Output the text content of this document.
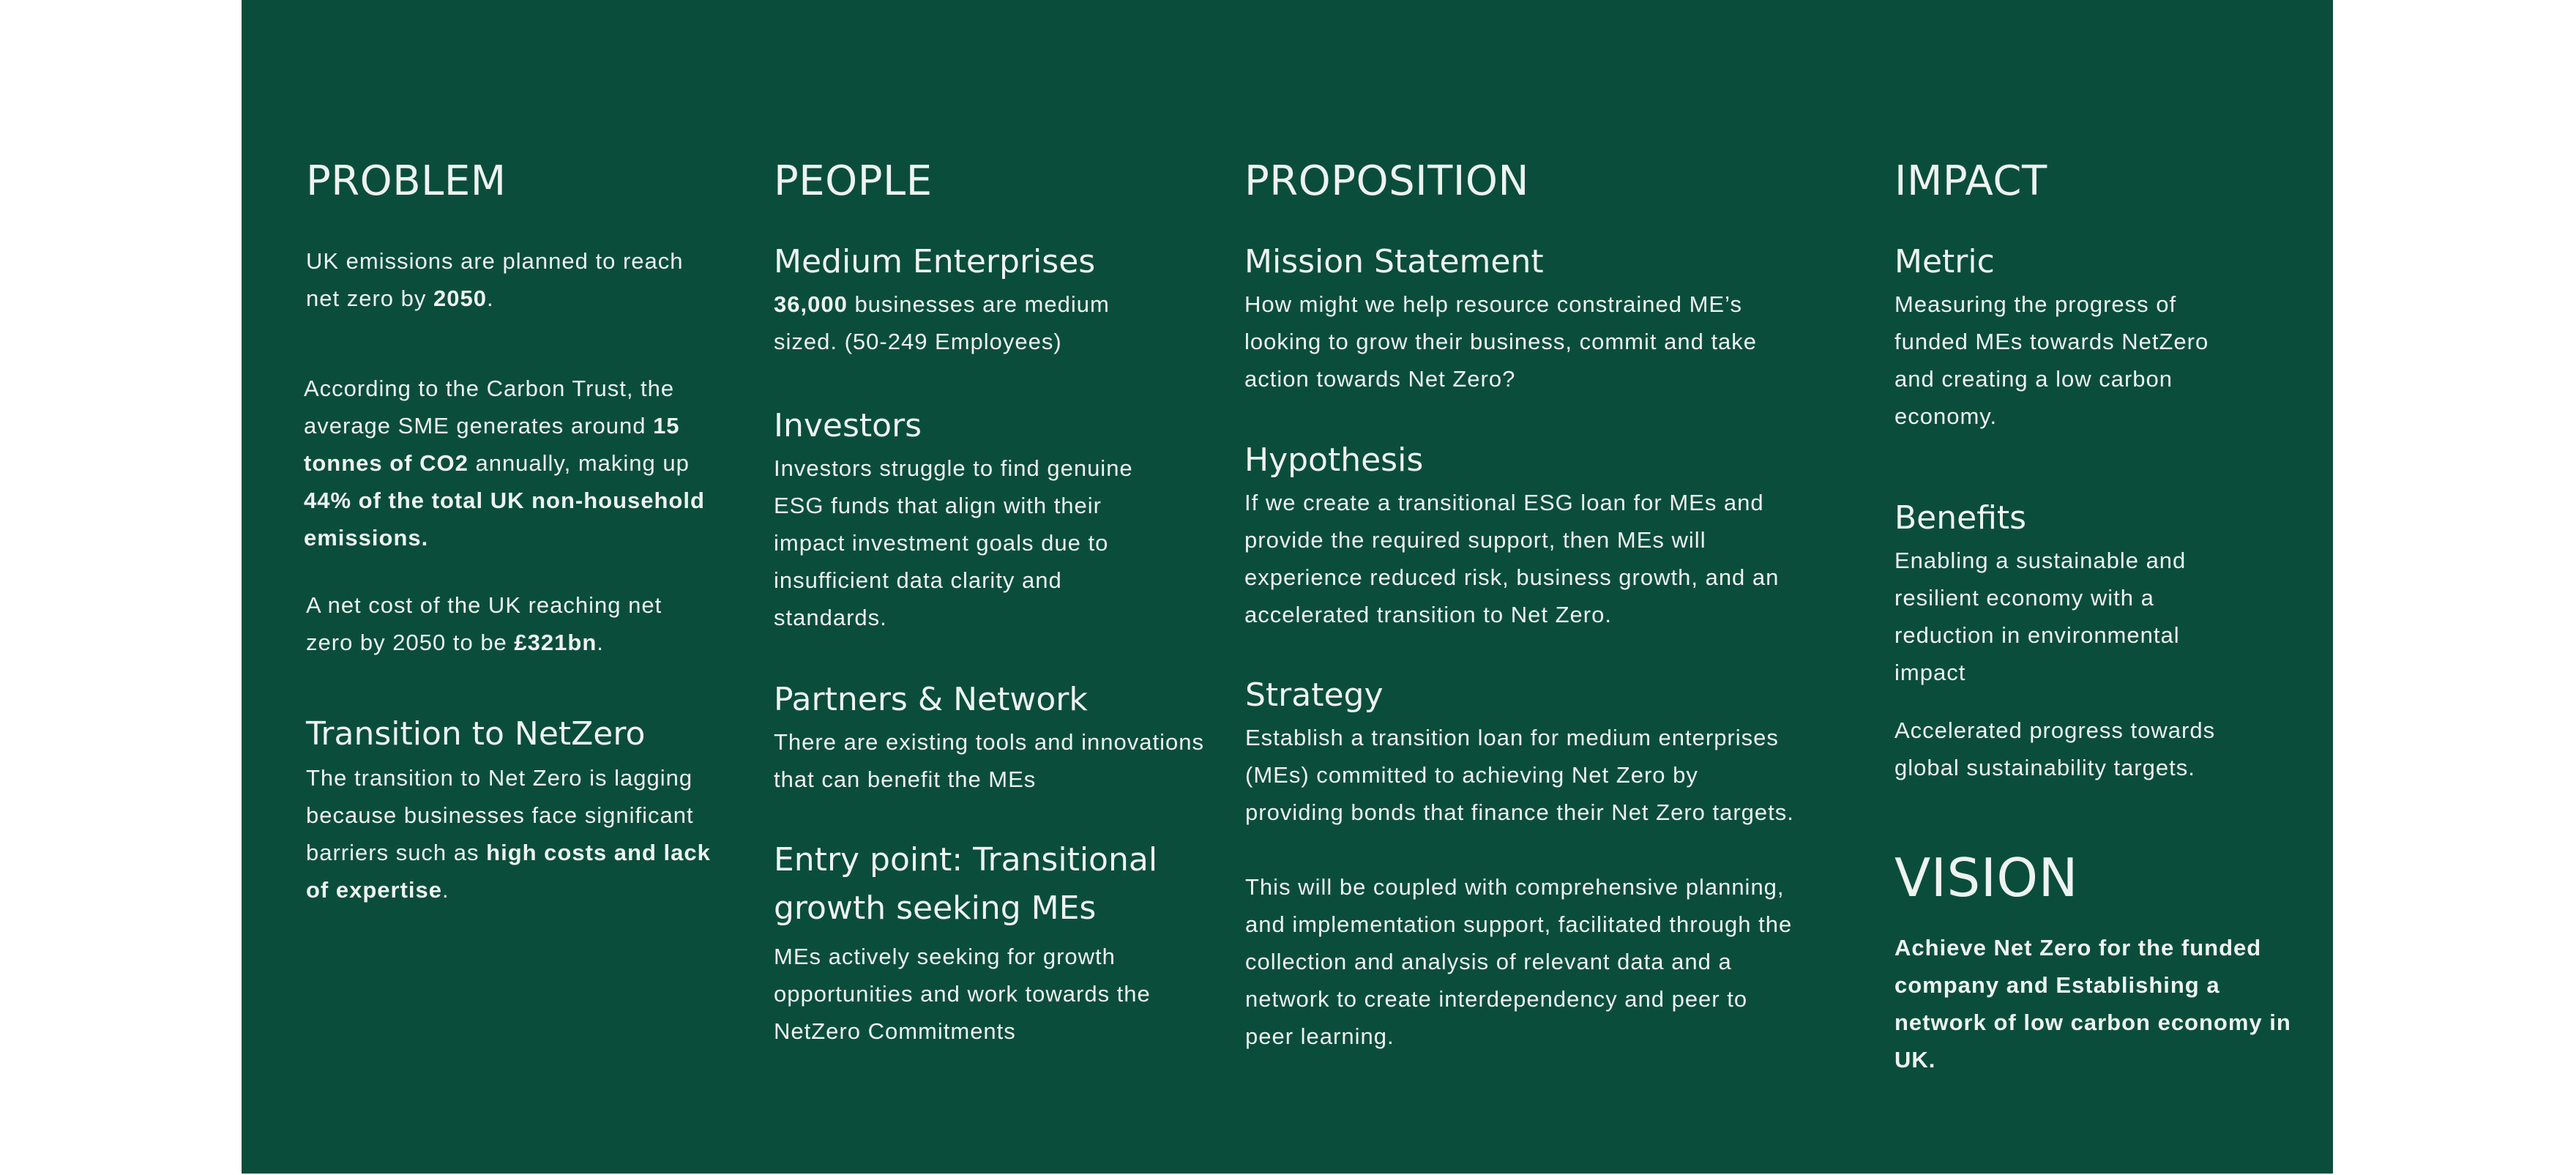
PROBLEM

UK emissions are planned to reach net zero by 2050.

According to the Carbon Trust, the average SME generates around 15 tonnes of CO2 annually, making up 44% of the total UK non-household emissions.

A net cost of the UK reaching net zero by 2050 to be £321bn.

Transition to NetZero

The transition to Net Zero is lagging because businesses face significant barriers such as high costs and lack of expertise.

PEOPLE
Medium Enterprises

36,000 businesses are medium sized. (50-249 Employees)

Investors

Investors struggle to find genuine ESG funds that align with their impact investment goals due to insufficient data clarity and standards.

Partners & Network

There are existing tools and innovations that can benefit the MEs

Entry point: Transitional growth seeking MEs

MEs actively seeking for growth opportunities and work towards the NetZero Commitments

PROPOSITION
Mission Statement

How might we help resource constrained ME’s looking to grow their business, commit and take action towards Net Zero?

Hypothesis

If we create a transitional ESG loan for MEs and provide the required support, then MEs will experience reduced risk, business growth, and an accelerated transition to Net Zero.

Strategy

Establish a transition loan for medium enterprises (MEs) committed to achieving Net Zero by providing bonds that finance their Net Zero targets.

This will be coupled with comprehensive planning, and implementation support, facilitated through the collection and analysis of relevant data and a network to create interdependency and peer to peer learning.

IMPACT
Metric

Measuring the progress of funded MEs towards NetZero and creating a low carbon economy.

Benefits

Enabling a sustainable and resilient economy with a reduction in environmental impact

Accelerated progress towards global sustainability targets.

VISION

Achieve Net Zero for the funded company and Establishing a network of low carbon economy in UK.
